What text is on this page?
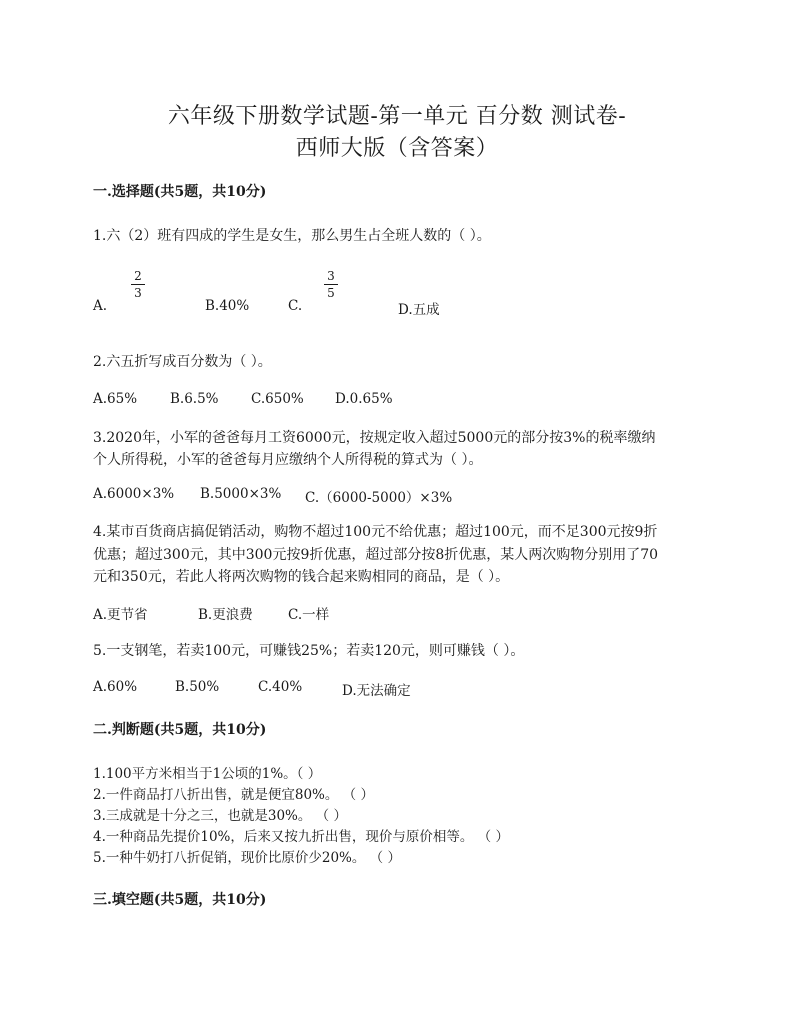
六年级下册数学试题-第一单元 百分数 测试卷-
西师大版（含答案）
一.选择题(共5题，共10分)
1.六（2）班有四成的学生是女生，那么男生占全班人数的（ ）。
A.
2
3
B.40%	C.
3
5
D.五成
2.六五折写成百分数为（ ）。
A.65% B.6.5% C.650% D.0.65%
3.2020年，小军的爸爸每月工资6000元，按规定收入超过5000元的部分按3%的税率缴纳
个人所得税，小军的爸爸每月应缴纳个人所得税的算式为（ ）。
A.6000×3% B.5000×3% C.（6000-5000）×3%
4.某市百货商店搞促销活动，购物不超过100元不给优惠；超过100元，而不足300元按9折
优惠；超过300元，其中300元按9折优惠，超过部分按8折优惠，某人两次购物分别用了70
元和350元，若此人将两次购物的钱合起来购相同的商品，是（ ）。
A.更节省	B.更浪费	C.一样
5.一支钢笔，若卖100元，可赚钱25%；若卖120元，则可赚钱（ ）。
A.60%	B.50%	C.40%	D.无法确定
二.判断题(共5题，共10分)
1.100平方米相当于1公顷的1%。（ ）
2.一件商品打八折出售，就是便宜80%。 （ ）
3.三成就是十分之三，也就是30%。 （ ）
4.一种商品先提价10%，后来又按九折出售，现价与原价相等。 （ ）
5.一种牛奶打八折促销，现价比原价少20%。 （ ）
三.填空题(共5题，共10分)
